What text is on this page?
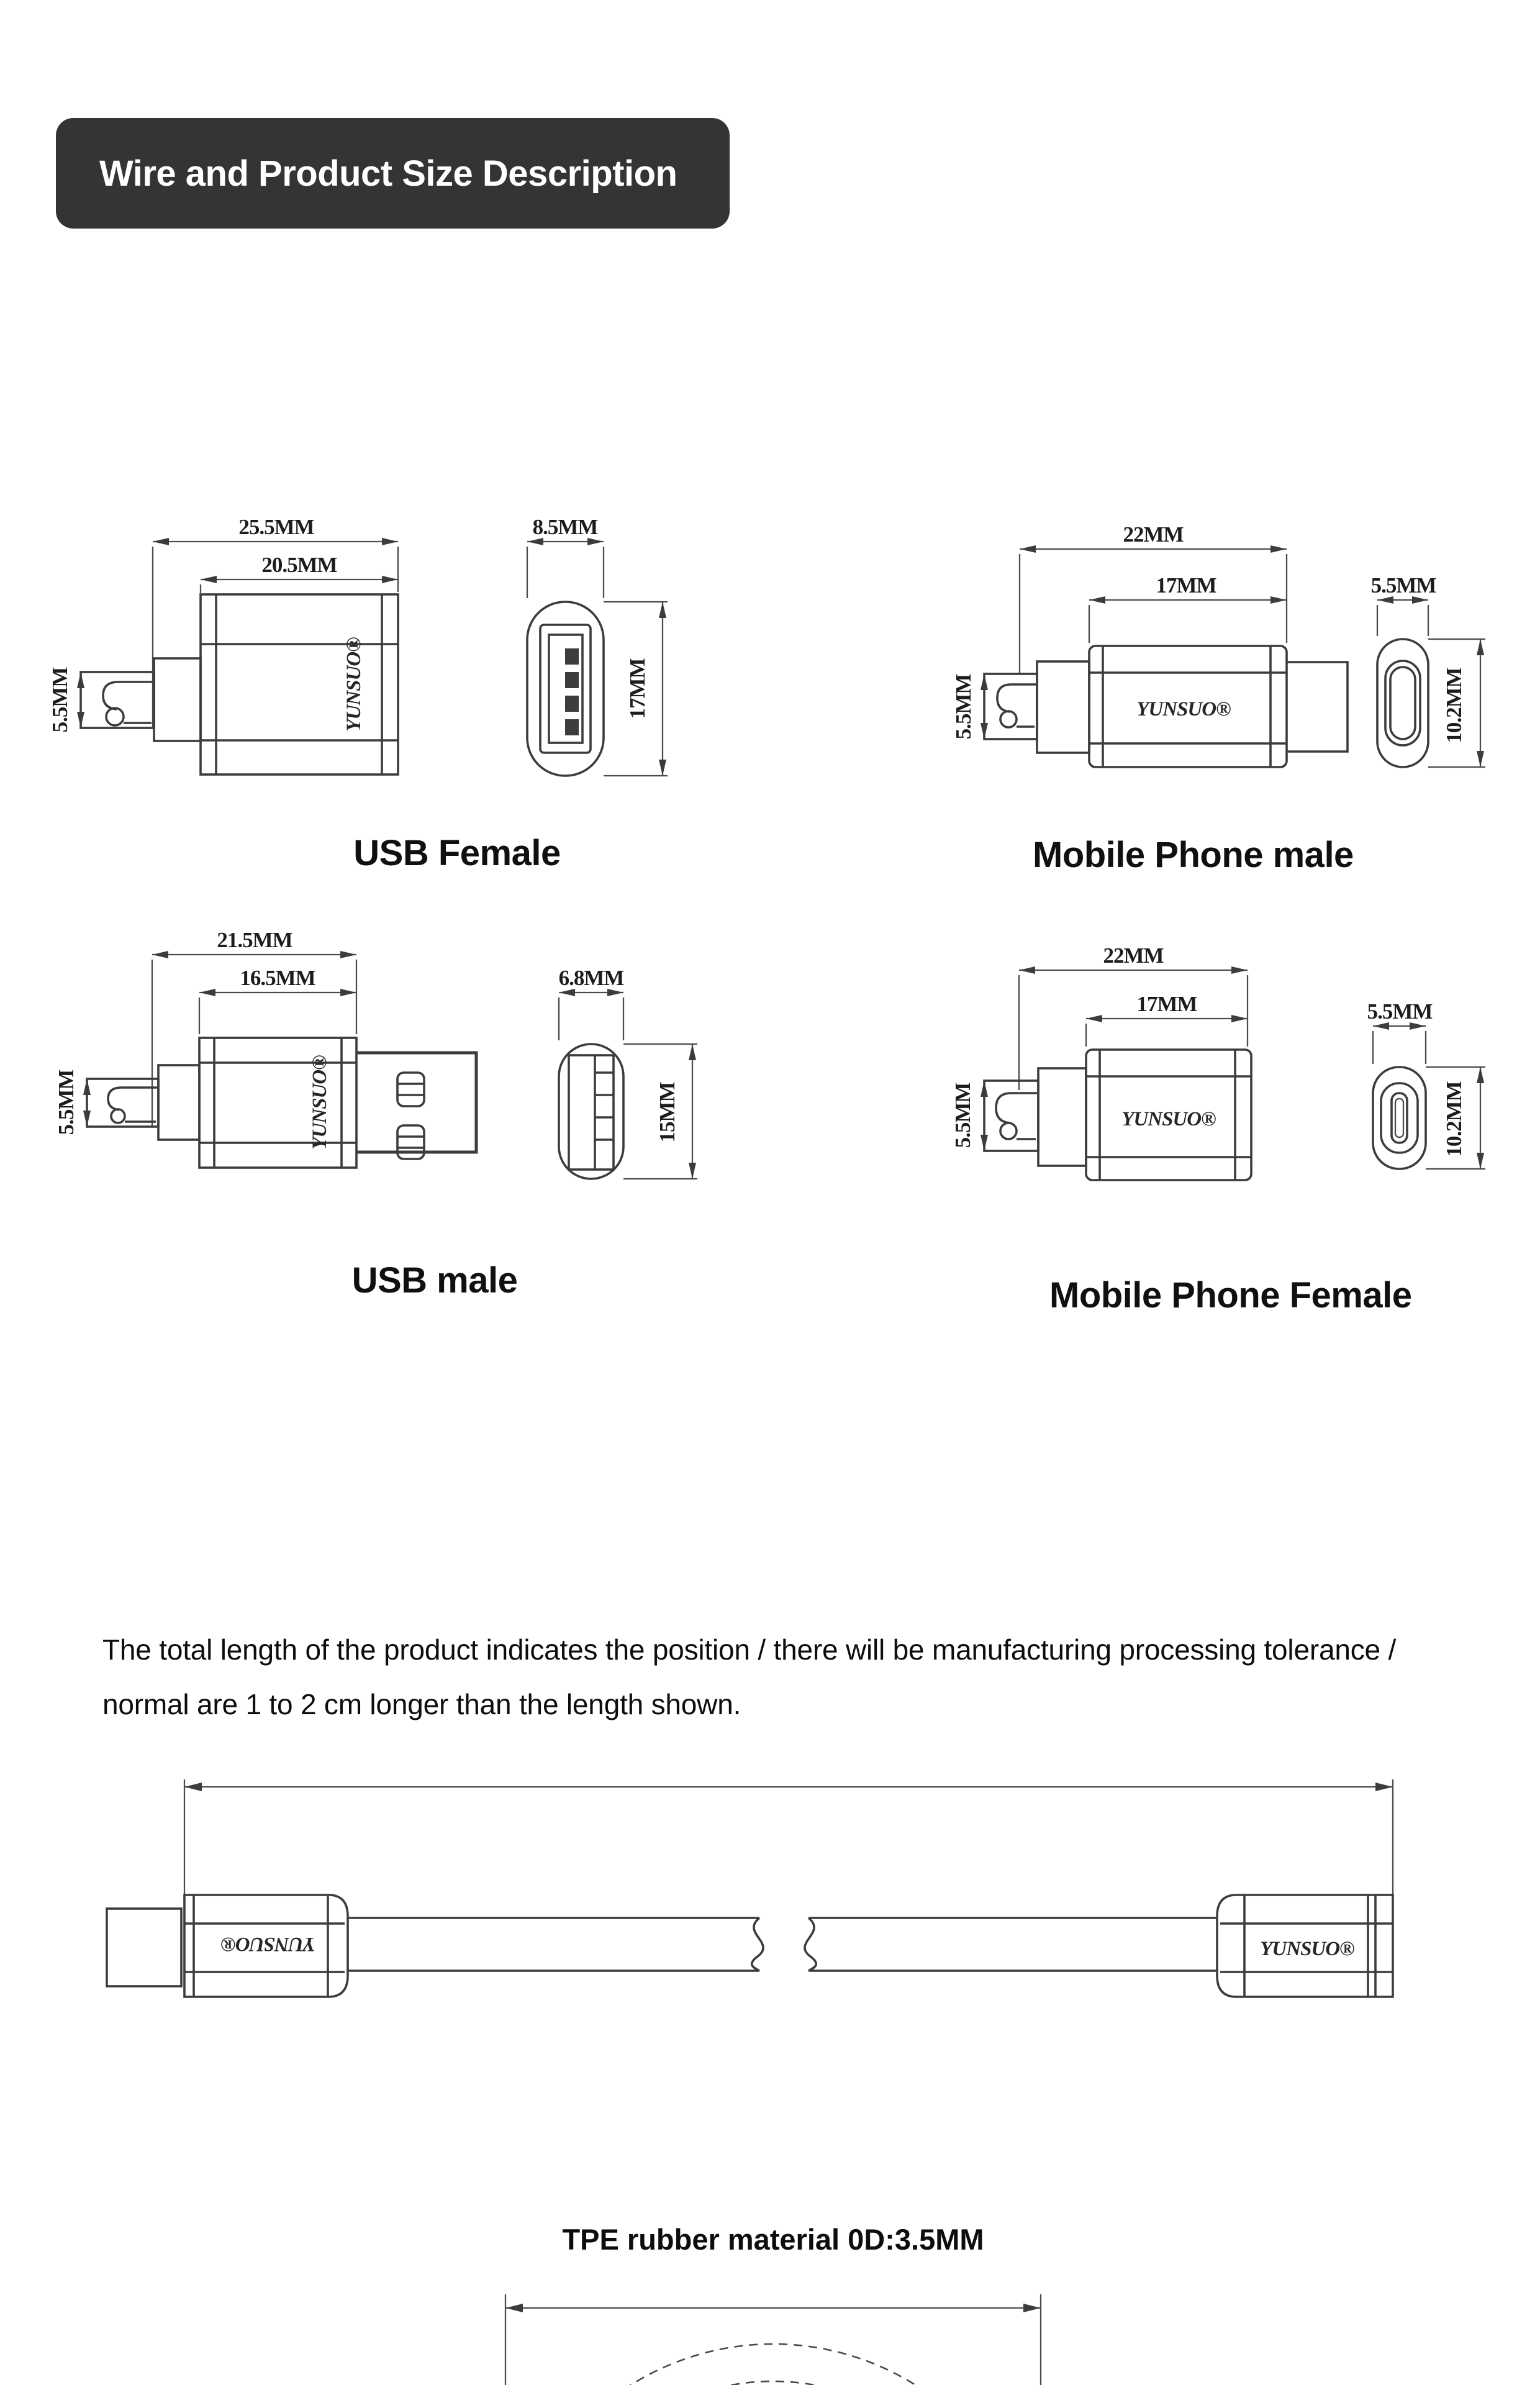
Wire and Product Size Description
25.5MM
20.5MM
5.5MM	YUNSUO®
8.5MM
17MM
USB Female
22MM
17MM
5.5MM	YUNSUO®
5.5MM
10.2MM
Mobile Phone male
21.5MM
16.5MM
5.5MM	YUNSUO®
6.8MM
15MM
USB male
22MM
17MM
5.5MM	YUNSUO®
5.5MM
10.2MM
Mobile Phone Female
The total length of the product indicates the position / there will be manufacturing processing tolerance /
normal are 1 to 2 cm longer than the length shown.
YUNSUO®	YUNSUO®
TPE rubber material 0D:3.5MM
